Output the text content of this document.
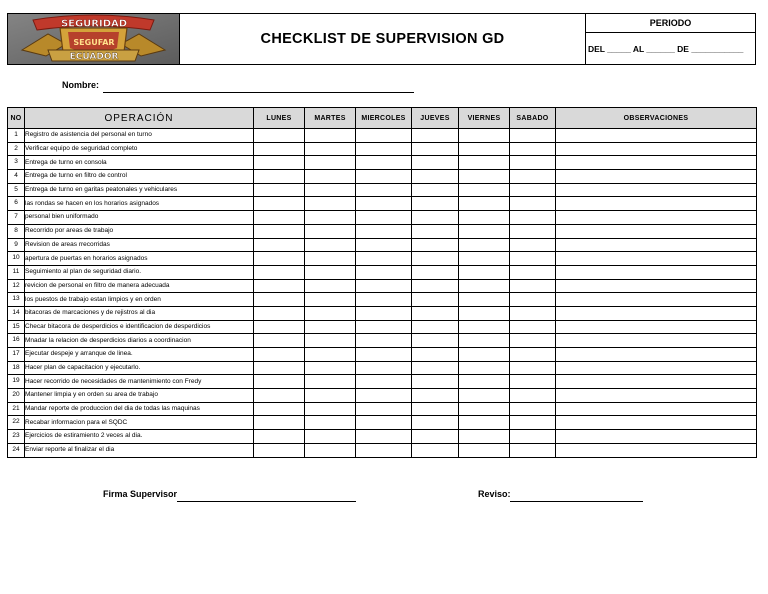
SEGURIDAD
SEGUFAR
ECUADOR
CHECKLIST DE SUPERVISION GD
PERIODO
DEL _____ AL ______ DE ___________
Nombre:
NO	OPERACIÓN	LUNES	MARTES	MIERCOLES	JUEVES	VIERNES	SABADO	OBSERVACIONES
1	Registro de asistencia del personal en turno							
2	Verificar equipo de seguridad completo							
3	Entrega de turno en consola							
4	Entrega de turno en filtro de control							
5	Entrega de turno en garitas peatonales y vehiculares							
6	las rondas se hacen en los horarios asignados							
7	personal bien uniformado							
8	Recorrido por areas de trabajo							
9	Revision de areas rrecorridas							
10	apertura de puertas en horarios asignados							
11	Seguimiento al plan de seguridad diario.							
12	revicion de personal en filtro de manera adecuada							
13	los puestos de trabajo estan limpios y en orden							
14	bitacoras de marcaciones y de rejistros al dia							
15	Checar bitacora de desperdicios e identificacion de desperdicios							
16	Mnadar la relacion de desperdicios diarios a coordinacion							
17	Ejecutar despeje y arranque de linea.							
18	Hacer plan de capacitacion y ejecutarlo.							
19	Hacer recorrido de necesidades de mantenimiento con Fredy							
20	Mantener limpia y en orden su area de trabajo							
21	Mandar reporte de produccion del dia de todas las maquinas							
22	Recabar informacion para el SQDC							
23	Ejercicios de estiramiento 2 veces al dia.							
24	Enviar reporte al finalizar el dia							
Firma Supervisor	Reviso:
